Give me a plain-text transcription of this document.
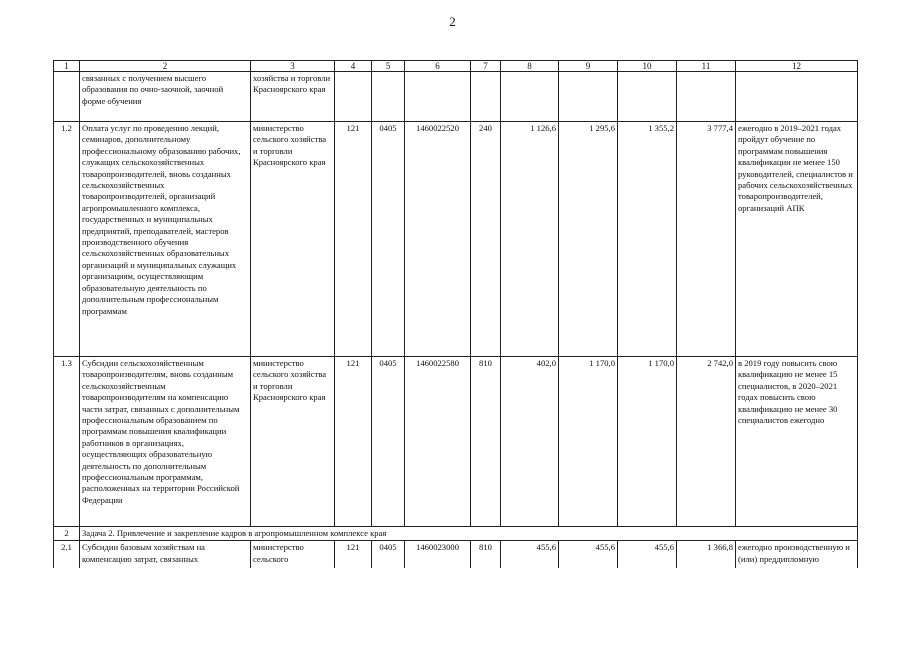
2
1	2	3	4	5	6	7	8	9	10	11	12
	связанных с получением высшего образования по очно-заочной, заочной форме обучения	хозяйства и торговли Красноярского края									
1.2	Оплата услуг по проведению лекций, семинаров, дополнительному профессиональному образованию рабочих, служащих сельскохозяйственных товаропроизводителей, вновь созданных сельскохозяйственных товаропроизводителей, организаций агропромышленного комплекса, государственных и муниципальных предприятий, преподавателей, мастеров производственного обучения сельскохозяйственных образовательных организаций и муниципальных служащих организациям, осуществляющим образовательную деятельность по дополнительным профессиональным программам	министерство сельского хозяйства и торговли Красноярского края	121	0405	1460022520	240	1 126,6	1 295,6	1 355,2	3 777,4	ежегодно в 2019–2021 годах пройдут обучение по программам повышения квалификации не менее 150 руководителей, специалистов и рабочих сельскохозяйственных товаропроизводителей, организаций АПК
1.3	Субсидии сельскохозяйственным товаропроизводителям, вновь созданным сельскохозяйственным товаропроизводителям на компенсацию части затрат, связанных с дополнительным профессиональным образованием по программам повышения квалификации работников в организациях, осуществляющих образовательную деятельность по дополнительным профессиональным программам, расположенных на территории Российской Федерации	министерство сельского хозяйства и торговли Красноярского края	121	0405	1460022580	810	402,0	1 170,0	1 170,0	2 742,0	в 2019 году повысить свою квалификацию не менее 15 специалистов, в 2020–2021 годах повысить свою квалификацию не менее 30 специалистов ежегодно
2	Задача 2. Привлечение и закрепление кадров в агропромышленном комплексе края										
2.1	Субсидии базовым хозяйствам на компенсацию затрат, связанных	министерство сельского	121	0405	1460023000	810	455,6	455,6	455,6	1 366,8	ежегодно производственную и (или) преддипломную
